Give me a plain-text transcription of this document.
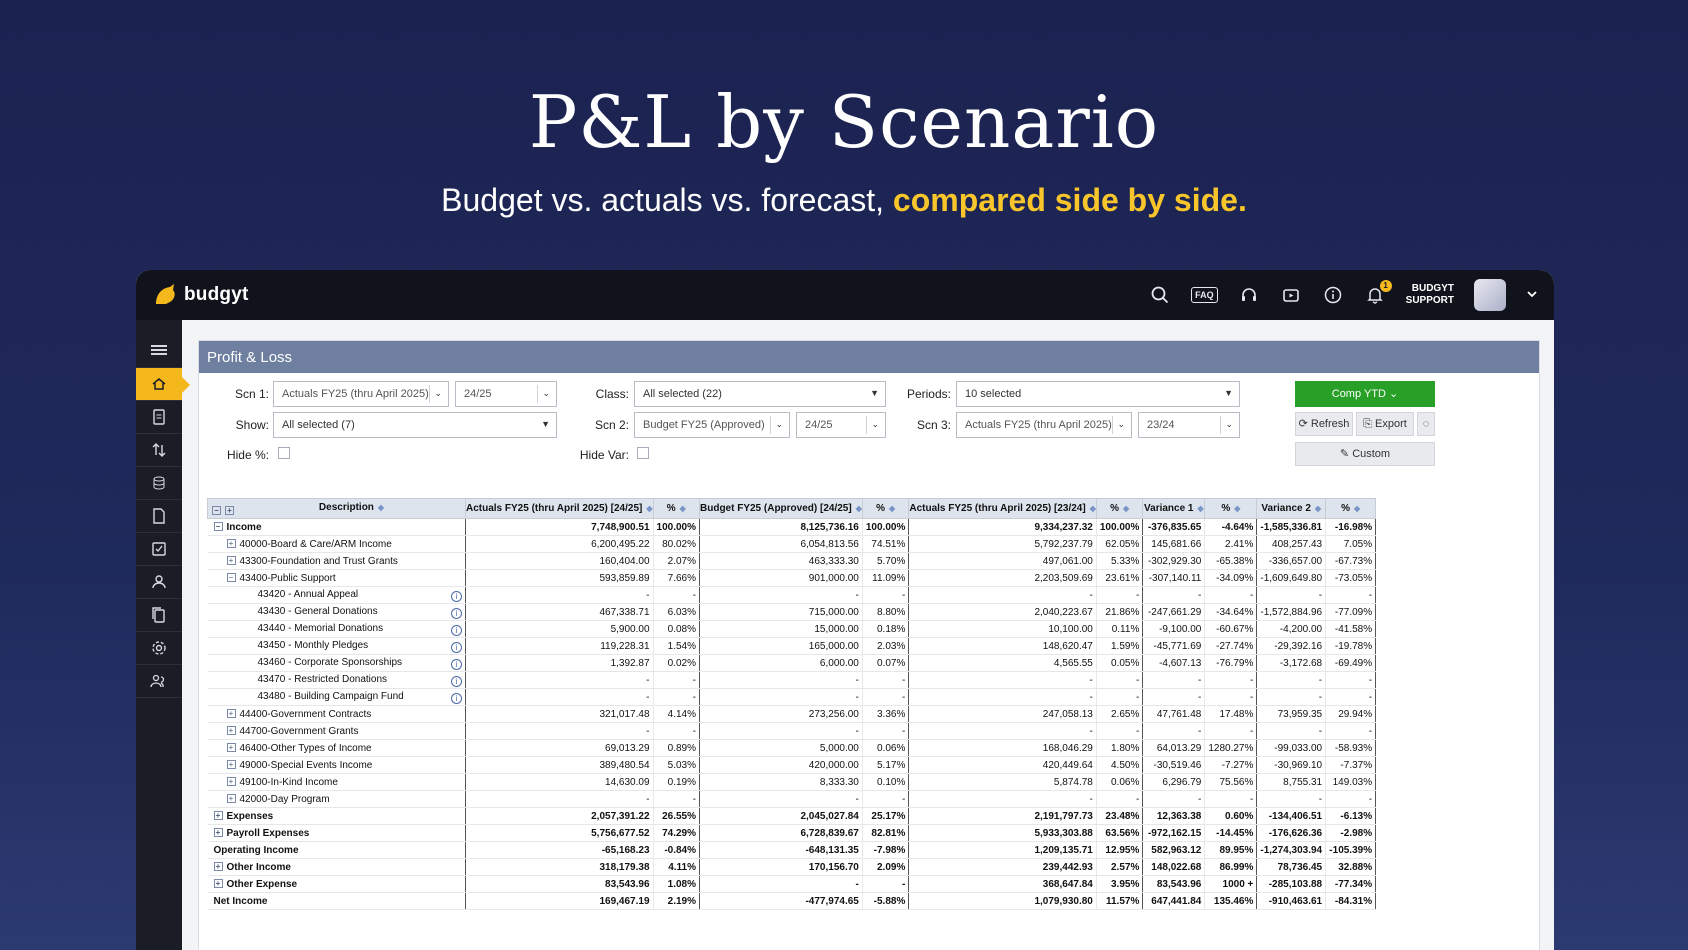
P&L by Scenario
Budget vs. actuals vs. forecast, compared side by side.
budgyt	FAQ
1	BUDGYT
SUPPORT
Profit & Loss
Scn 1:	Actuals FY25 (thru April 2025) ⌄	24/25	⌄
Show:	All selected (7)	▼
Hide %:
Class:	All selected (22)	▼
Scn 2:	Budget FY25 (Approved) ⌄	24/25	⌄
Hide Var:
Periods:	10 selected	▼
Scn 3:	Actuals FY25 (thru April 2025) ⌄	23/24	⌄
Comp YTD ⌄
⟳ Refresh	⎘ Export	◌
✎ Custom
− + Description ◆	Actuals FY25 (thru April 2025) [24/25] ◆	% ◆	Budget FY25 (Approved) [24/25] ◆	% ◆	Actuals FY25 (thru April 2025) [23/24] ◆	% ◆	Variance 1 ◆	% ◆	Variance 2 ◆	% ◆
− Income	7,748,900.51	100.00%	8,125,736.16	100.00%	9,334,237.32	100.00%	-376,835.65	-4.64%	-1,585,336.81	-16.98%
+ 40000-Board & Care/ARM Income	6,200,495.22	80.02%	6,054,813.56	74.51%	5,792,237.79	62.05%	145,681.66	2.41%	408,257.43	7.05%
+ 43300-Foundation and Trust Grants	160,404.00	2.07%	463,333.30	5.70%	497,061.00	5.33%	-302,929.30	-65.38%	-336,657.00	-67.73%
− 43400-Public Support	593,859.89	7.66%	901,000.00	11.09%	2,203,509.69	23.61%	-307,140.11	-34.09%	-1,609,649.80	-73.05%
43420 - Annual Appeal i	-	-	-	-	-	-	-	-	-	-
43430 - General Donations i	467,338.71	6.03%	715,000.00	8.80%	2,040,223.67	21.86%	-247,661.29	-34.64%	-1,572,884.96	-77.09%
43440 - Memorial Donations i	5,900.00	0.08%	15,000.00	0.18%	10,100.00	0.11%	-9,100.00	-60.67%	-4,200.00	-41.58%
43450 - Monthly Pledges i	119,228.31	1.54%	165,000.00	2.03%	148,620.47	1.59%	-45,771.69	-27.74%	-29,392.16	-19.78%
43460 - Corporate Sponsorships i	1,392.87	0.02%	6,000.00	0.07%	4,565.55	0.05%	-4,607.13	-76.79%	-3,172.68	-69.49%
43470 - Restricted Donations i	-	-	-	-	-	-	-	-	-	-
43480 - Building Campaign Fund i	-	-	-	-	-	-	-	-	-	-
+ 44400-Government Contracts	321,017.48	4.14%	273,256.00	3.36%	247,058.13	2.65%	47,761.48	17.48%	73,959.35	29.94%
+ 44700-Government Grants	-	-	-	-	-	-	-	-	-	-
+ 46400-Other Types of Income	69,013.29	0.89%	5,000.00	0.06%	168,046.29	1.80%	64,013.29	1280.27%	-99,033.00	-58.93%
+ 49000-Special Events Income	389,480.54	5.03%	420,000.00	5.17%	420,449.64	4.50%	-30,519.46	-7.27%	-30,969.10	-7.37%
+ 49100-In-Kind Income	14,630.09	0.19%	8,333.30	0.10%	5,874.78	0.06%	6,296.79	75.56%	8,755.31	149.03%
+ 42000-Day Program	-	-	-	-	-	-	-	-	-	-
+ Expenses	2,057,391.22	26.55%	2,045,027.84	25.17%	2,191,797.73	23.48%	12,363.38	0.60%	-134,406.51	-6.13%
+ Payroll Expenses	5,756,677.52	74.29%	6,728,839.67	82.81%	5,933,303.88	63.56%	-972,162.15	-14.45%	-176,626.36	-2.98%
Operating Income	-65,168.23	-0.84%	-648,131.35	-7.98%	1,209,135.71	12.95%	582,963.12	89.95%	-1,274,303.94	-105.39%
+ Other Income	318,179.38	4.11%	170,156.70	2.09%	239,442.93	2.57%	148,022.68	86.99%	78,736.45	32.88%
+ Other Expense	83,543.96	1.08%	-	-	368,647.84	3.95%	83,543.96	1000 +	-285,103.88	-77.34%
Net Income	169,467.19	2.19%	-477,974.65	-5.88%	1,079,930.80	11.57%	647,441.84	135.46%	-910,463.61	-84.31%
